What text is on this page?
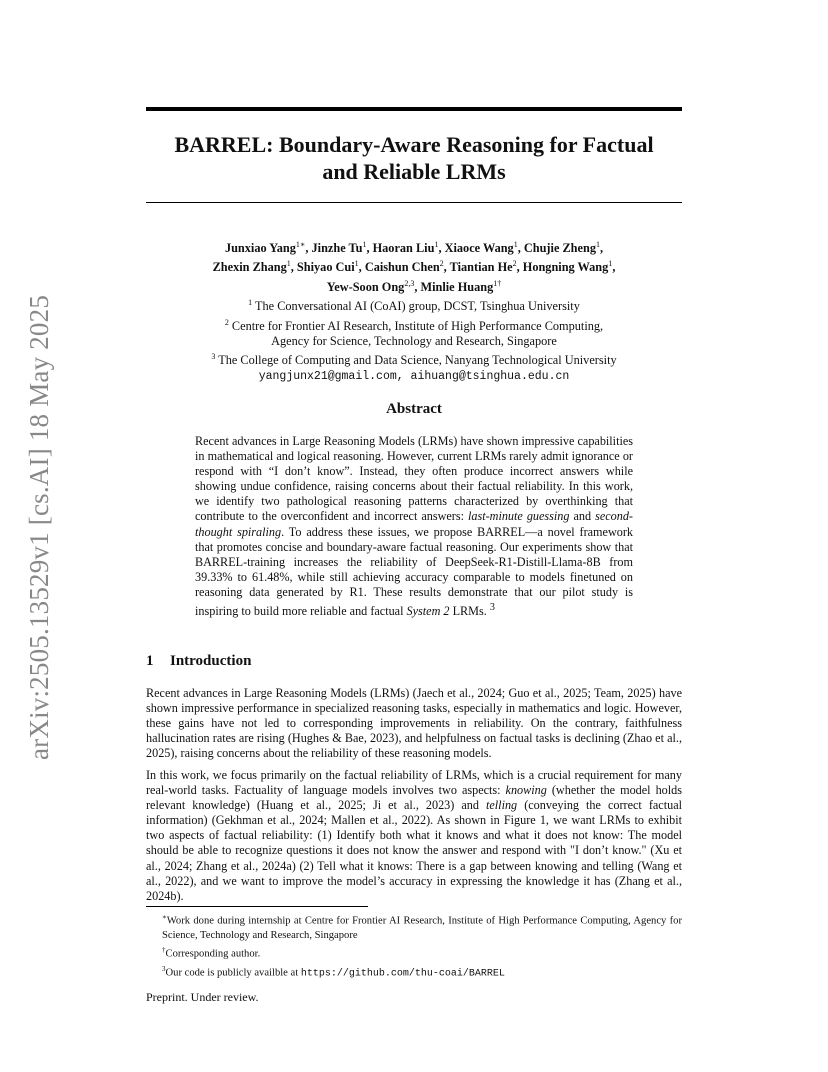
arXiv:2505.13529v1 [cs.AI] 18 May 2025
BARREL: Boundary-Aware Reasoning for Factual
and Reliable LRMs
Junxiao Yang$^{1∗}$, Jinzhe Tu$^1$, Haoran Liu$^1$, Xiaoce Wang$^1$, Chujie Zheng$^1$,
Zhexin Zhang$^1$, Shiyao Cui$^1$, Caishun Chen$^2$, Tiantian He$^2$, Hongning Wang$^1$,
Yew-Soon Ong$^{2,3}$, Minlie Huang$^{1\dagger}$
$^1$ The Conversational AI (CoAI) group, DCST, Tsinghua University
$^2$ Centre for Frontier AI Research, Institute of High Performance Computing,
Agency for Science, Technology and Research, Singapore
$^3$ The College of Computing and Data Science, Nanyang Technological University
yangjunx21@gmail.com, aihuang@tsinghua.edu.cn
Abstract

Recent advances in Large Reasoning Models (LRMs) have shown impressive capabilities in mathematical and logical reasoning. However, current LRMs rarely admit ignorance or respond with “I don’t know”. Instead, they often produce incorrect answers while showing undue confidence, raising concerns about their factual reliability. In this work, we identify two pathological reasoning patterns characterized by overthinking that contribute to the overconfident and incorrect answers: last-minute guessing and second-thought spiraling. To address these issues, we propose BARREL—a novel framework that promotes concise and boundary-aware factual reasoning. Our experiments show that BARREL-training increases the reliability of DeepSeek-R1-Distill-Llama-8B from 39.33% to 61.48%, while still achieving accuracy comparable to models finetuned on reasoning data generated by R1. These results demonstrate that our pilot study is inspiring to build more reliable and factual System 2 LRMs. $^3$

1 Introduction

Recent advances in Large Reasoning Models (LRMs) (Jaech et al., 2024; Guo et al., 2025; Team, 2025) have shown impressive performance in specialized reasoning tasks, especially in mathematics and logic. However, these gains have not led to corresponding improvements in reliability. On the contrary, faithfulness hallucination rates are rising (Hughes & Bae, 2023), and helpfulness on factual tasks is declining (Zhao et al., 2025), raising concerns about the reliability of these reasoning models.

In this work, we focus primarily on the factual reliability of LRMs, which is a crucial requirement for many real-world tasks. Factuality of language models involves two aspects: knowing (whether the model holds relevant knowledge) (Huang et al., 2025; Ji et al., 2023) and telling (conveying the correct factual information) (Gekhman et al., 2024; Mallen et al., 2022). As shown in Figure 1, we want LRMs to exhibit two aspects of factual reliability: (1) Identify both what it knows and what it does not know: The model should be able to recognize questions it does not know the answer and respond with "I don’t know." (Xu et al., 2024; Zhang et al., 2024a) (2) Tell what it knows: There is a gap between knowing and telling (Wang et al., 2022), and we want to improve the model’s accuracy in expressing the knowledge it has (Zhang et al., 2024b).

∗Work done during internship at Centre for Frontier AI Research, Institute of High Performance Computing, Agency for Science, Technology and Research, Singapore

†Corresponding author.

$^3$Our code is publicly availble at https://github.com/thu-coai/BARREL

Preprint. Under review.
